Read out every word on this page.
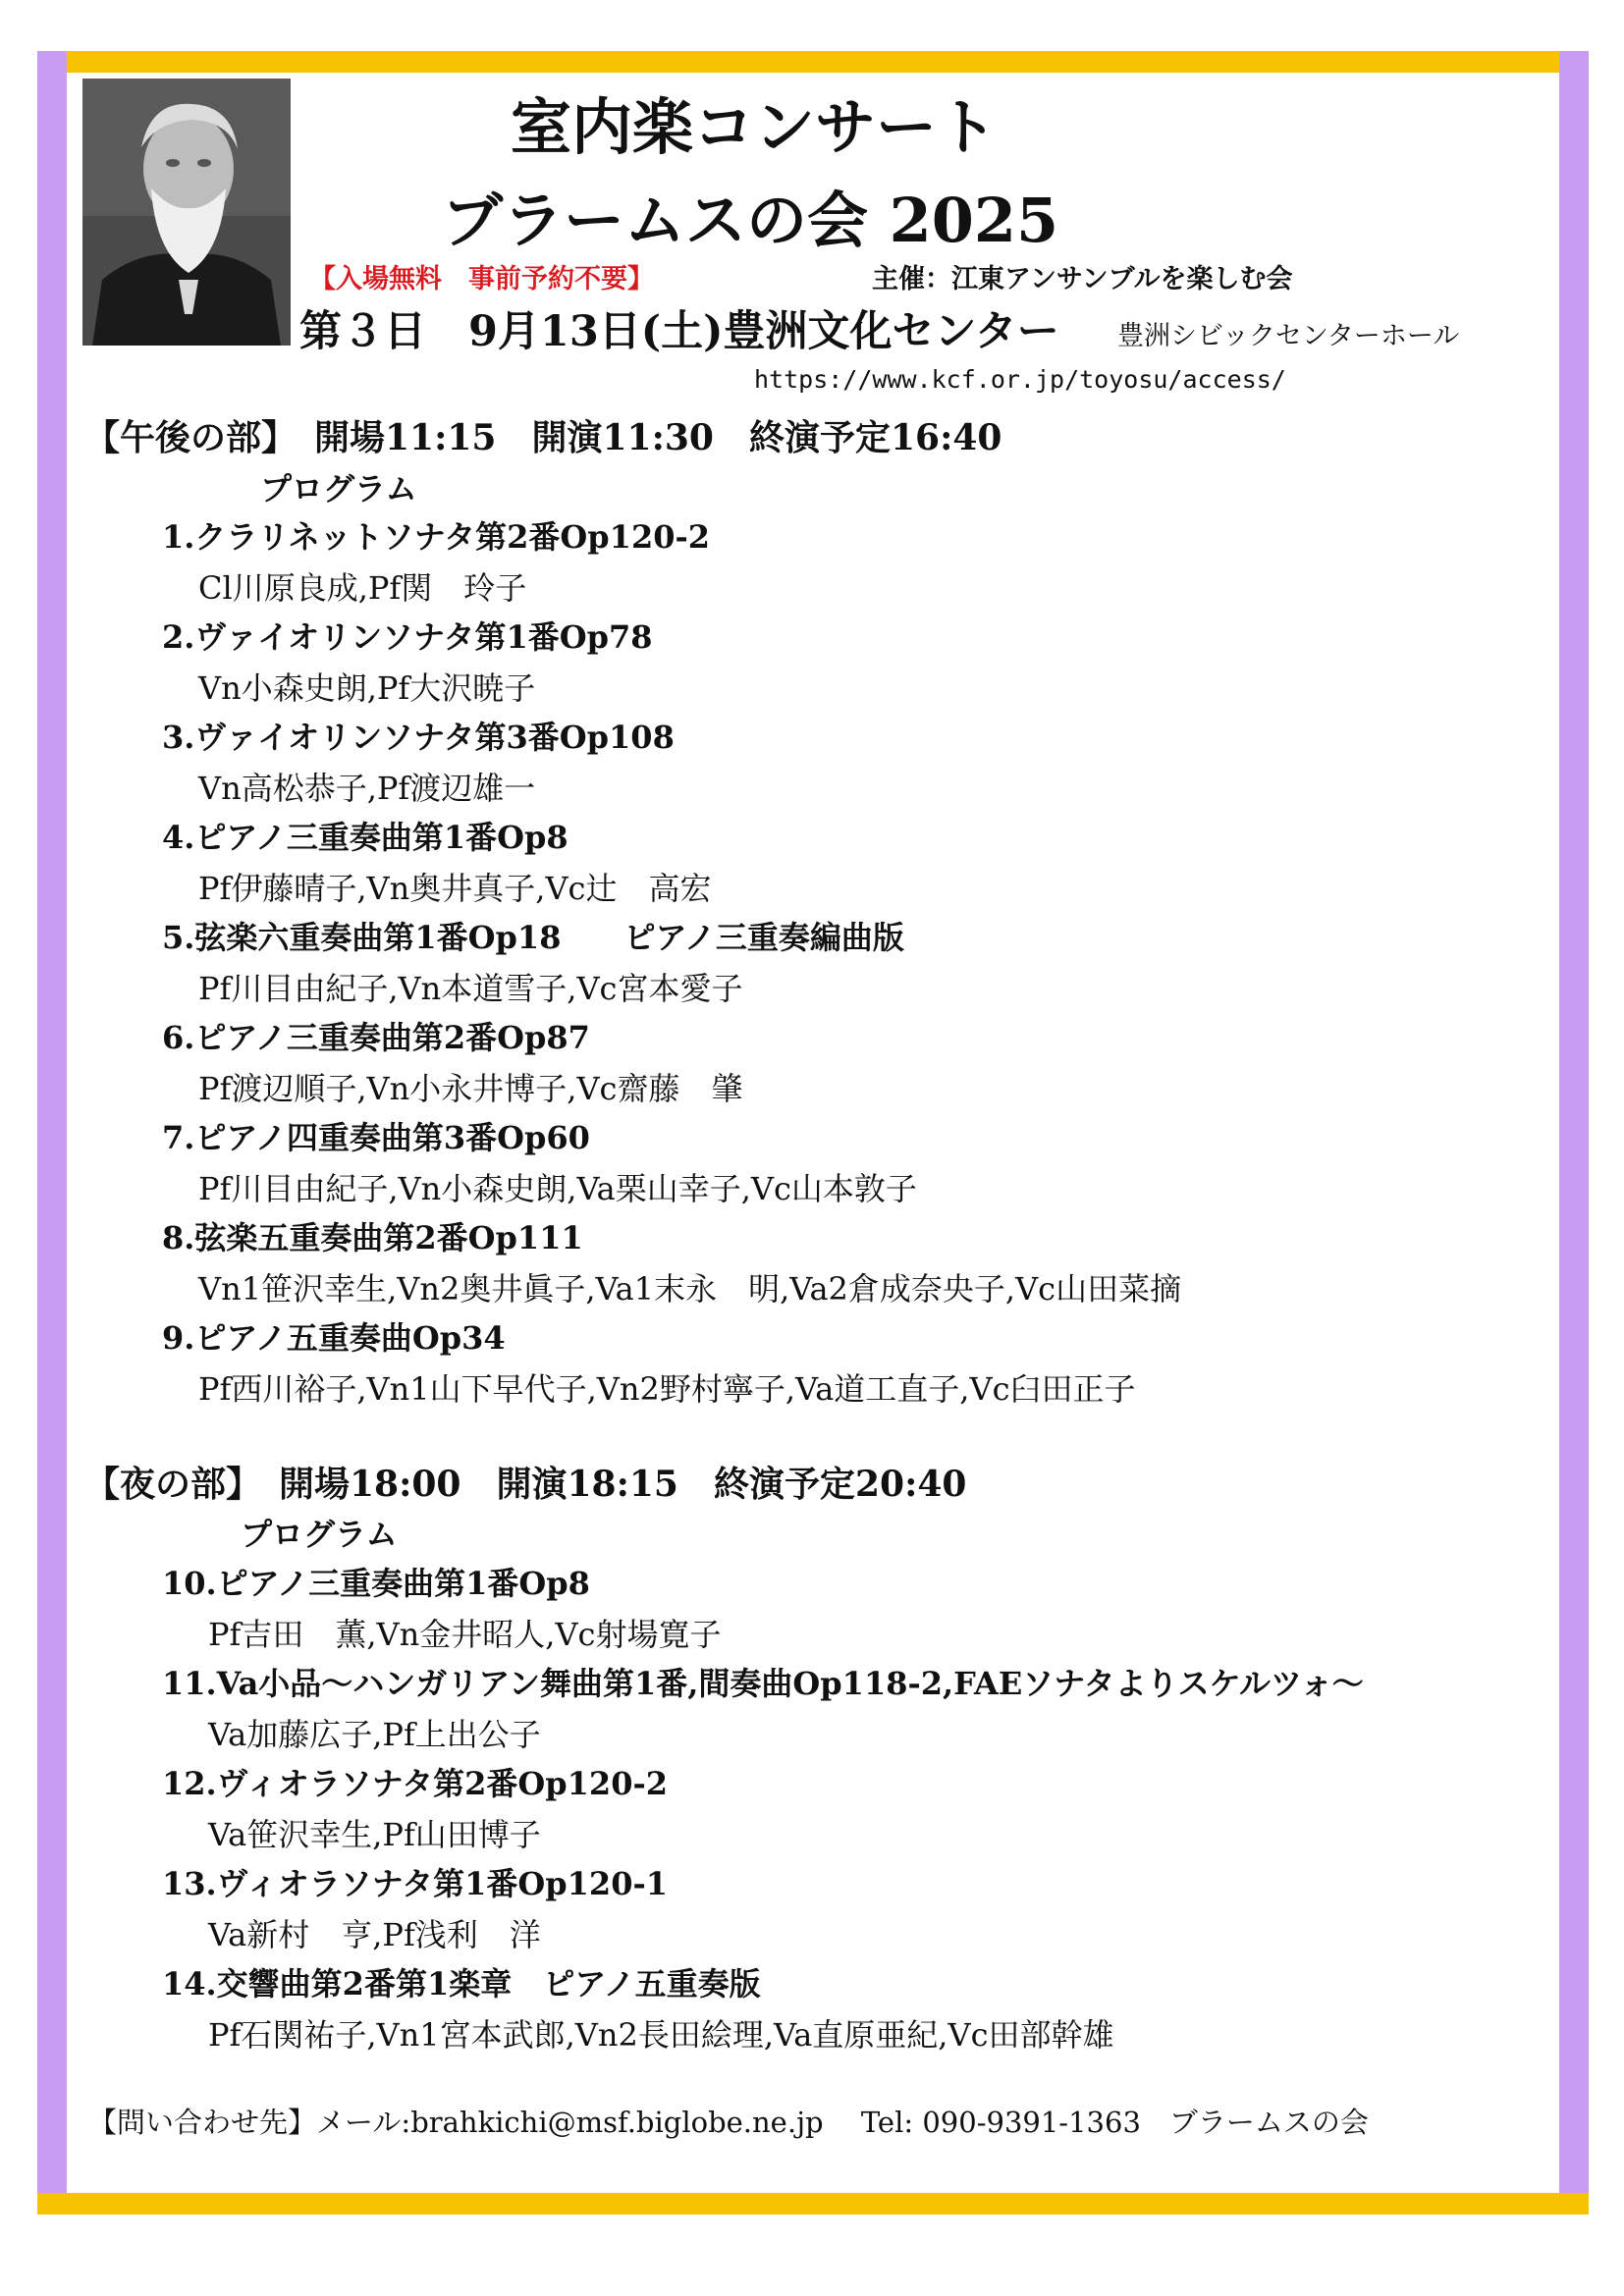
室内楽コンサート
ブラームスの会 2025
【入場無料　事前予約不要】	主催：江東アンサンブルを楽しむ会
第３日　9月13日(土)豊洲文化センター 豊洲シビックセンターホール
https://www.kcf.or.jp/toyosu/access/
【午後の部】　開場11:15　開演11:30　終演予定16:40
プログラム
1.クラリネットソナタ第2番Op120-2
Cl川原良成,Pf関　玲子
2.ヴァイオリンソナタ第1番Op78
Vn小森史朗,Pf大沢暁子
3.ヴァイオリンソナタ第3番Op108
Vn高松恭子,Pf渡辺雄一
4.ピアノ三重奏曲第1番Op8
Pf伊藤晴子,Vn奥井真子,Vc辻　高宏
5.弦楽六重奏曲第1番Op18　　ピアノ三重奏編曲版
Pf川目由紀子,Vn本道雪子,Vc宮本愛子
6.ピアノ三重奏曲第2番Op87
Pf渡辺順子,Vn小永井博子,Vc齋藤　肇
7.ピアノ四重奏曲第3番Op60
Pf川目由紀子,Vn小森史朗,Va栗山幸子,Vc山本敦子
8.弦楽五重奏曲第2番Op111
Vn1笹沢幸生,Vn2奥井眞子,Va1末永　明,Va2倉成奈央子,Vc山田菜摘
9.ピアノ五重奏曲Op34
Pf西川裕子,Vn1山下早代子,Vn2野村寧子,Va道工直子,Vc臼田正子
【夜の部】　開場18:00　開演18:15　終演予定20:40
プログラム
10.ピアノ三重奏曲第1番Op8
Pf吉田　薫,Vn金井昭人,Vc射場寛子
11.Va小品～ハンガリアン舞曲第1番,間奏曲Op118-2,FAEソナタよりスケルツォ～
Va加藤広子,Pf上出公子
12.ヴィオラソナタ第2番Op120-2
Va笹沢幸生,Pf山田博子
13.ヴィオラソナタ第1番Op120-1
Va新村　亨,Pf浅利　洋
14.交響曲第2番第1楽章　ピアノ五重奏版
Pf石関祐子,Vn1宮本武郎,Vn2長田絵理,Va直原亜紀,Vc田部幹雄
【問い合わせ先】メール:brahkichi@msf.biglobe.ne.jp　 Tel: 090-9391-1363　ブラームスの会
